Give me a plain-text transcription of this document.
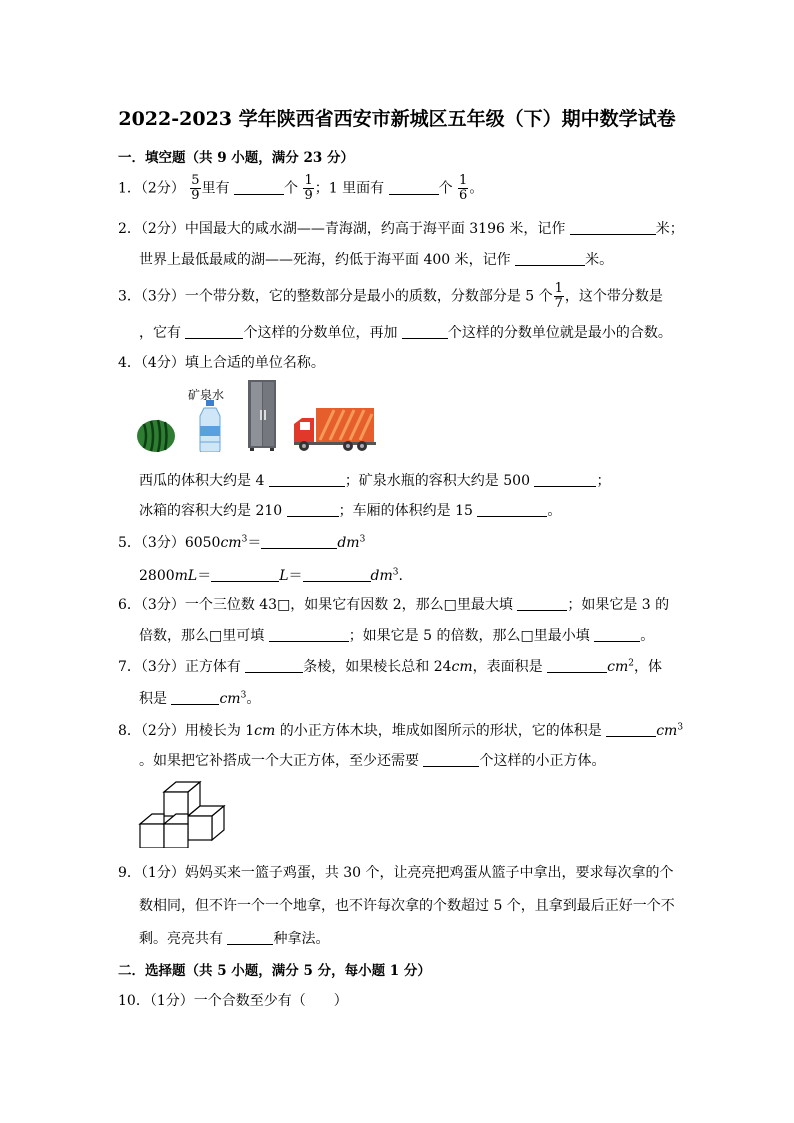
2022-2023 学年陕西省西安市新城区五年级（下）期中数学试卷
一．填空题（共 9 小题，满分 23 分）
1．（2分） $\frac{5}{9}$ 里有	个 $\frac{1}{9}$ ；1 里面有	个 $\frac{1}{6}$ 。
2．（2分）中国最大的咸水湖——青海湖，约高于海平面 3196 米，记作	米；
世界上最低最咸的湖——死海，约低于海平面 400 米，记作	米。
3．（3分）一个带分数，它的整数部分是最小的质数，分数部分是 5 个 $\frac{1}{7}$ ，这个带分数是
，它有	个这样的分数单位，再加	个这样的分数单位就是最小的合数。
4．（4分）填上合适的单位名称。
矿泉水
西瓜的体积大约是 4	；矿泉水瓶的容积大约是 500	；
冰箱的容积大约是 210	；车厢的体积约是 15	。
5．（3分）$6050cm^3=$	$dm^3$
2800mL＝	L＝	$dm^3$.
6．（3分）一个三位数 43□，如果它有因数 2，那么□里最大填	；如果它是 3 的
倍数，那么□里可填	；如果它是 5 的倍数，那么□里最小填	。
7．（3分）正方体有	条棱，如果棱长总和 24cm，表面积是	$cm^2$，体
积是	$cm^3$。
8．（2分）用棱长为 1cm 的小正方体木块，堆成如图所示的形状，它的体积是	$cm^3$
。如果把它补搭成一个大正方体，至少还需要	个这样的小正方体。
9．（1分）妈妈买来一篮子鸡蛋，共 30 个，让亮亮把鸡蛋从篮子中拿出，要求每次拿的个
数相同，但不许一个一个地拿，也不许每次拿的个数超过 5 个，且拿到最后正好一个不
剩。亮亮共有	种拿法。
二．选择题（共 5 小题，满分 5 分，每小题 1 分）
10．（1分）一个合数至少有（　　）
